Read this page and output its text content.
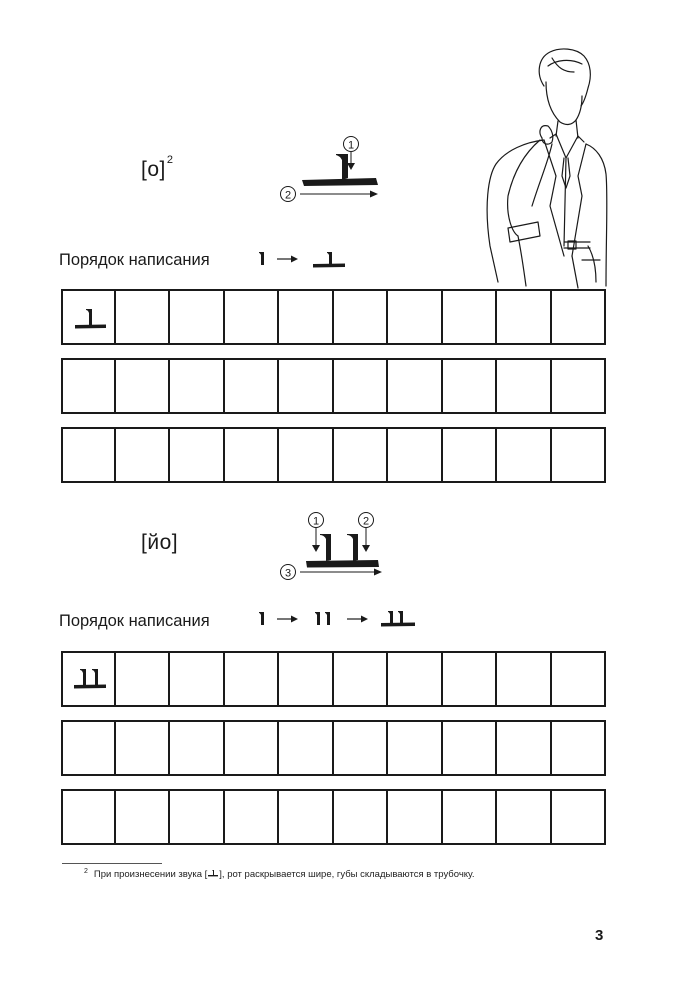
$[o]^2$
1
2
Порядок написания
[йо]
1	2
3
Порядок написания
$^2$ При произнесении звука [ ], рот раскрывается шире, губы складываются в трубочку.
3
